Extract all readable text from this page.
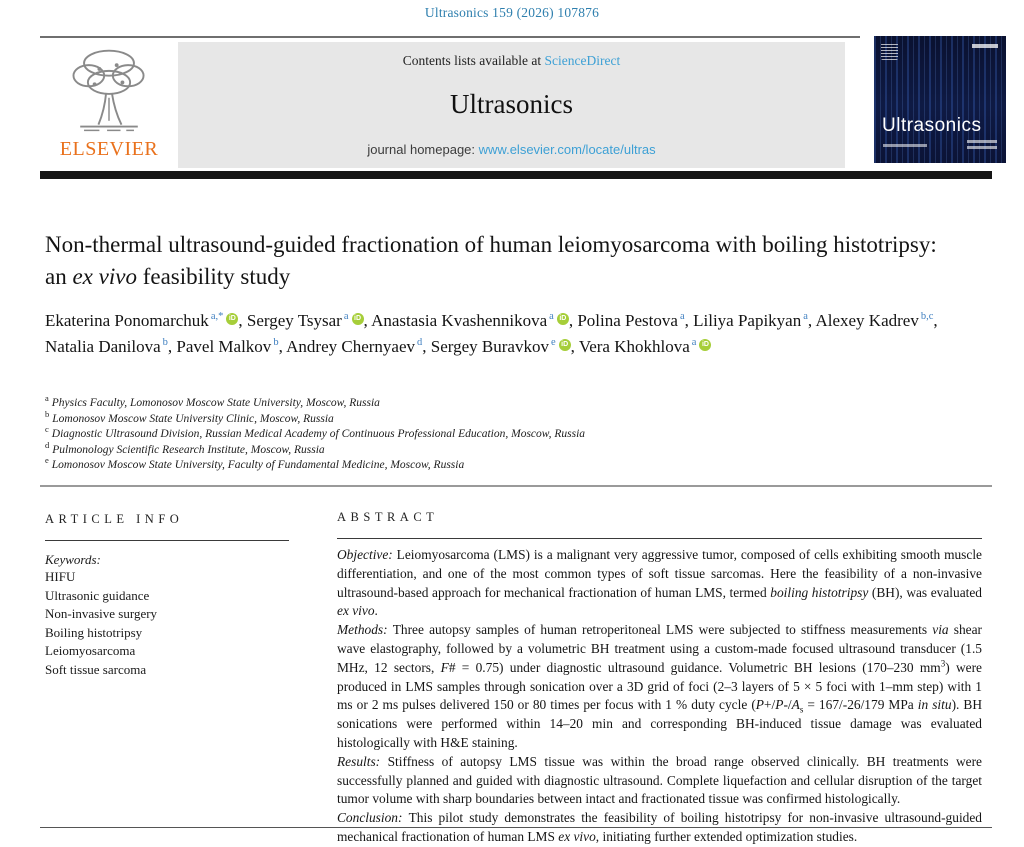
Ultrasonics 159 (2026) 107876
ELSEVIER
Contents lists available at ScienceDirect
Ultrasonics
journal homepage: www.elsevier.com/locate/ultras
Ultrasonics
Non-thermal ultrasound-guided fractionation of human leiomyosarcoma with boiling histotripsy: an ex vivo feasibility study
Ekaterina Ponomarchuk $^{a,*}$ iD , Sergey Tsysar $^a$ iD , Anastasia Kvashennikova $^a$ iD , Polina Pestova $^a$, Liliya Papikyan $^a$, Alexey Kadrev $^{b,c}$, Natalia Danilova $^b$, Pavel Malkov $^b$, Andrey Chernyaev $^d$, Sergey Buravkov $^e$ iD , Vera Khokhlova $^a$ iD
$^a$ Physics Faculty, Lomonosov Moscow State University, Moscow, Russia
$^b$ Lomonosov Moscow State University Clinic, Moscow, Russia
$^c$ Diagnostic Ultrasound Division, Russian Medical Academy of Continuous Professional Education, Moscow, Russia
$^d$ Pulmonology Scientific Research Institute, Moscow, Russia
$^e$ Lomonosov Moscow State University, Faculty of Fundamental Medicine, Moscow, Russia
ARTICLE INFO
Keywords:
HIFU
Ultrasonic guidance
Non-invasive surgery
Boiling histotripsy
Leiomyosarcoma
Soft tissue sarcoma
ABSTRACT

Objective: Leiomyosarcoma (LMS) is a malignant very aggressive tumor, composed of cells exhibiting smooth muscle differentiation, and one of the most common types of soft tissue sarcomas. Here the feasibility of a non-invasive ultrasound-based approach for mechanical fractionation of human LMS, termed boiling histotripsy (BH), was evaluated ex vivo.

Methods: Three autopsy samples of human retroperitoneal LMS were subjected to stiffness measurements via shear wave elastography, followed by a volumetric BH treatment using a custom-made focused ultrasound transducer (1.5 MHz, 12 sectors, F# = 0.75) under diagnostic ultrasound guidance. Volumetric BH lesions (170–230 $mm^3$) were produced in LMS samples through sonication over a 3D grid of foci (2–3 layers of 5 × 5 foci with 1–mm step) with 1 ms or 2 ms pulses delivered 150 or 80 times per focus with 1 % duty cycle ($P+/P-/A_s = 167/-26/179$ MPa in situ). BH sonications were performed within 14–20 min and corresponding BH-induced tissue damage was evaluated histologically with H&E staining.

Results: Stiffness of autopsy LMS tissue was within the broad range observed clinically. BH treatments were successfully planned and guided with diagnostic ultrasound. Complete liquefaction and cellular disruption of the target tumor volume with sharp boundaries between intact and fractionated tissue was confirmed histologically.

Conclusion: This pilot study demonstrates the feasibility of boiling histotripsy for non-invasive ultrasound-guided mechanical fractionation of human LMS ex vivo, initiating further extended optimization studies.
